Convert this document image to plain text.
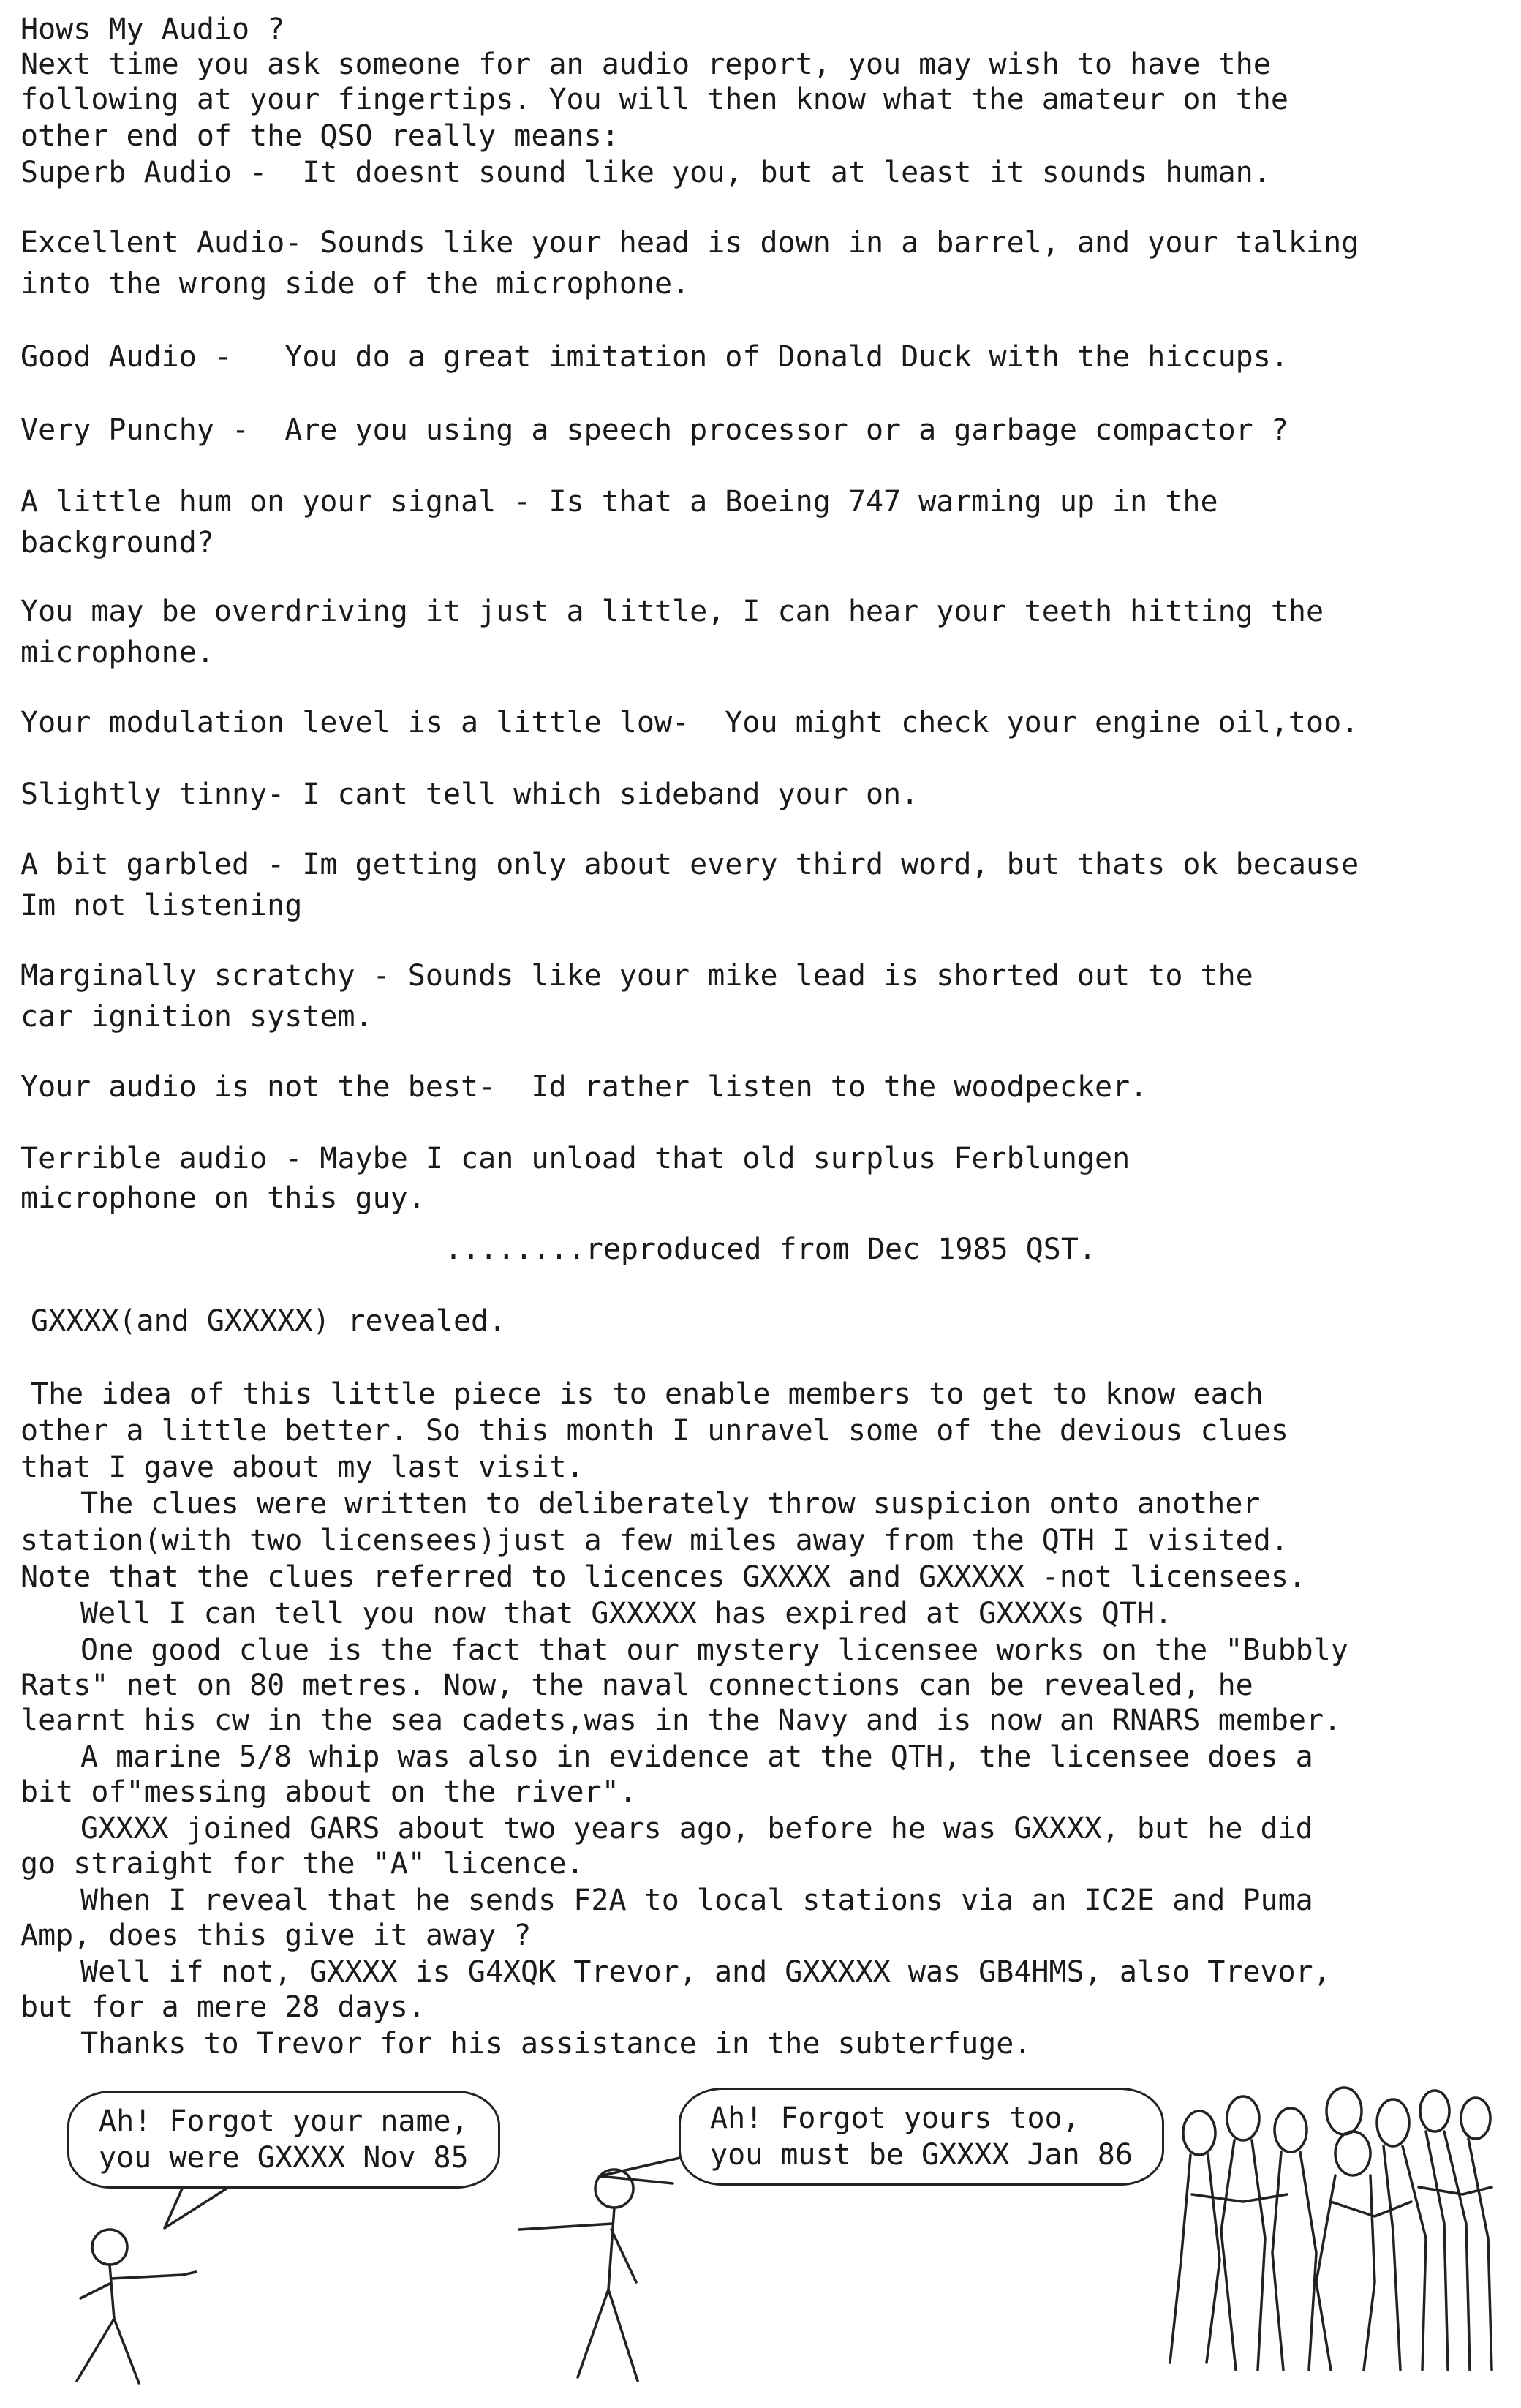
Hows My Audio ?
Next time you ask someone for an audio report, you may wish to have the
following at your fingertips. You will then know what the amateur on the
other end of the QSO really means:
Superb Audio -  It doesnt sound like you, but at least it sounds human.
Excellent Audio- Sounds like your head is down in a barrel, and your talking
into the wrong side of the microphone.
Good Audio -   You do a great imitation of Donald Duck with the hiccups.
Very Punchy -  Are you using a speech processor or a garbage compactor ?
A little hum on your signal - Is that a Boeing 747 warming up in the
background?
You may be overdriving it just a little, I can hear your teeth hitting the
microphone.
Your modulation level is a little low-  You might check your engine oil,too.
Slightly tinny- I cant tell which sideband your on.
A bit garbled - Im getting only about every third word, but thats ok because
Im not listening
Marginally scratchy - Sounds like your mike lead is shorted out to the
car ignition system.
Your audio is not the best-  Id rather listen to the woodpecker.
Terrible audio - Maybe I can unload that old surplus Ferblungen
microphone on this guy.
........reproduced from Dec 1985 QST.
GXXXX(and GXXXXX) revealed.
The idea of this little piece is to enable members to get to know each
other a little better. So this month I unravel some of the devious clues
that I gave about my last visit.
The clues were written to deliberately throw suspicion onto another
station(with two licensees)just a few miles away from the QTH I visited.
Note that the clues referred to licences GXXXX and GXXXXX -not licensees.
Well I can tell you now that GXXXXX has expired at GXXXXs QTH.
One good clue is the fact that our mystery licensee works on the "Bubbly
Rats" net on 80 metres. Now, the naval connections can be revealed, he
learnt his cw in the sea cadets,was in the Navy and is now an RNARS member.
A marine 5/8 whip was also in evidence at the QTH, the licensee does a
bit of"messing about on the river".
GXXXX joined GARS about two years ago, before he was GXXXX, but he did
go straight for the "A" licence.
When I reveal that he sends F2A to local stations via an IC2E and Puma
Amp, does this give it away ?
Well if not, GXXXX is G4XQK Trevor, and GXXXXX was GB4HMS, also Trevor,
but for a mere 28 days.
Thanks to Trevor for his assistance in the subterfuge.
Ah! Forgot your name,
you were GXXXX Nov 85
Ah! Forgot yours too,
you must be GXXXX Jan 86
